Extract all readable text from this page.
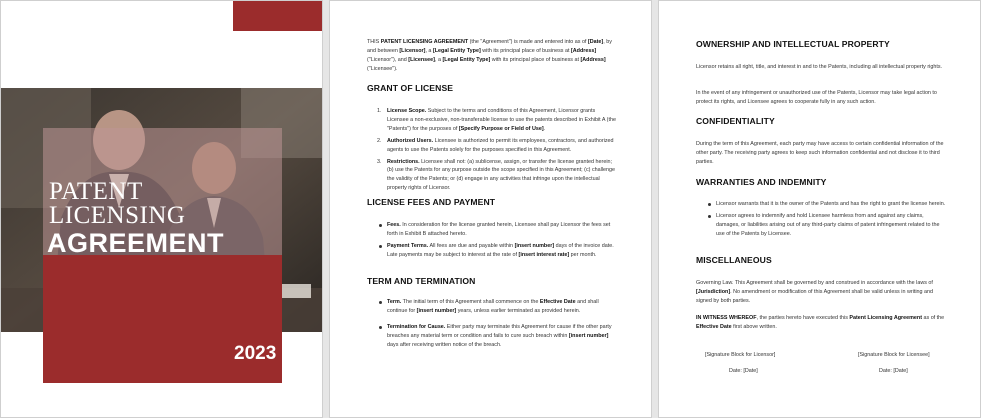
PATENT
LICENSING
AGREEMENT
2023

THIS PATENT LICENSING AGREEMENT (the "Agreement") is made and entered into as of [Date], by and between [Licensor], a [Legal Entity Type] with its principal place of business at [Address] ("Licensor"), and [Licensee], a [Legal Entity Type] with its principal place of business at [Address] ("Licensee").

GRANT OF LICENSE
1. License Scope. Subject to the terms and conditions of this Agreement, Licensor grants Licensee a non-exclusive, non-transferable license to use the patents described in Exhibit A (the "Patents") for the purposes of [Specify Purpose or Field of Use].
2. Authorized Users. Licensee is authorized to permit its employees, contractors, and authorized agents to use the Patents solely for the purposes specified in this Agreement.
3. Restrictions. Licensee shall not: (a) sublicense, assign, or transfer the license granted herein; (b) use the Patents for any purpose outside the scope specified in this Agreement; (c) challenge the validity of the Patents; or (d) engage in any activities that infringe upon the intellectual property rights of Licensor.
LICENSE FEES AND PAYMENT
Fees. In consideration for the license granted herein, Licensee shall pay Licensor the fees set forth in Exhibit B attached hereto.
Payment Terms. All fees are due and payable within [insert number] days of the invoice date. Late payments may be subject to interest at the rate of [insert interest rate] per month.
TERM AND TERMINATION
Term. The initial term of this Agreement shall commence on the Effective Date and shall continue for [insert number] years, unless earlier terminated as provided herein.
Termination for Cause. Either party may terminate this Agreement for cause if the other party breaches any material term or condition and fails to cure such breach within [insert number] days after receiving written notice of the breach.
OWNERSHIP AND INTELLECTUAL PROPERTY

Licensor retains all right, title, and interest in and to the Patents, including all intellectual property rights.

In the event of any infringement or unauthorized use of the Patents, Licensor may take legal action to protect its rights, and Licensee agrees to cooperate fully in any such action.

CONFIDENTIALITY

During the term of this Agreement, each party may have access to certain confidential information of the other party. The receiving party agrees to keep such information confidential and not disclose it to third parties.

WARRANTIES AND INDEMNITY
Licensor warrants that it is the owner of the Patents and has the right to grant the license herein.
Licensor agrees to indemnify and hold Licensee harmless from and against any claims, damages, or liabilities arising out of any third-party claims of patent infringement related to the use of the Patents by Licensee.
MISCELLANEOUS

Governing Law. This Agreement shall be governed by and construed in accordance with the laws of [Jurisdiction]. No amendment or modification of this Agreement shall be valid unless in writing and signed by both parties.

IN WITNESS WHEREOF, the parties hereto have executed this Patent Licensing Agreement as of the Effective Date first above written.

[Signature Block for Licensor]	[Signature Block for Licensee]
Date: [Date]	Date: [Date]
